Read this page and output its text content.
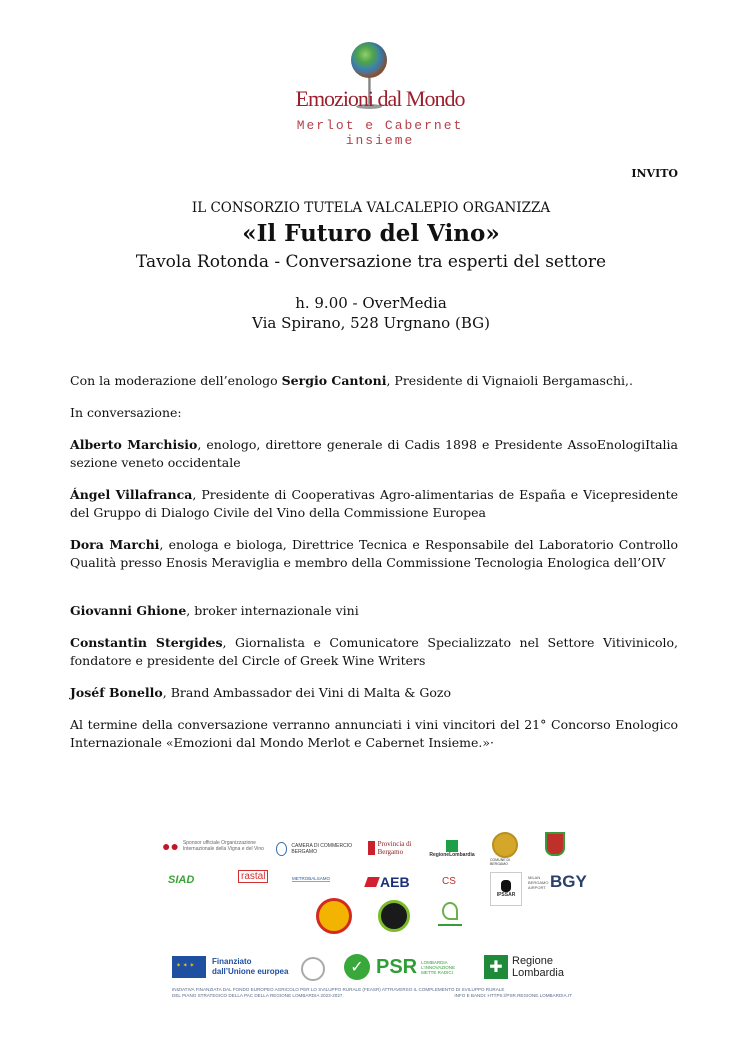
Emozioni dal Mondo
Merlot e Cabernet insieme
INVITO
IL CONSORZIO TUTELA VALCALEPIO ORGANIZZA
«Il Futuro del Vino»
Tavola Rotonda - Conversazione tra esperti del settore
h. 9.00 - OverMedia
Via Spirano, 528 Urgnano (BG)

Con la moderazione dell’enologo Sergio Cantoni, Presidente di Vignaioli Bergamaschi,.

In conversazione:

Alberto Marchisio, enologo, direttore generale di Cadis 1898 e Presidente AssoEnologiItalia sezione veneto occidentale

Ángel Villafranca, Presidente di Cooperativas Agro-alimentarias de España e Vicepresidente del Gruppo di Dialogo Civile del Vino della Commissione Europea

Dora Marchi, enologa e biologa, Direttrice Tecnica e Responsabile del Laboratorio Controllo Qualità presso Enosis Meraviglia e membro della Commissione Tecnologia Enologica dell’OIV

Giovanni Ghione, broker internazionale vini

Constantin Stergides, Giornalista e Comunicatore Specializzato nel Settore Vitivinicolo, fondatore e presidente del Circle of Greek Wine Writers

Joséf Bonello, Brand Ambassador dei Vini di Malta & Gozo

Al termine della conversazione verranno annunciati i vini vincitori del 21° Concorso Enologico Internazionale «Emozioni dal Mondo Merlot e Cabernet Insieme.»·

●● Sponsor ufficiale Organizzazione Internazionale della Vigna e del Vino	CAMERA DI COMMERCIO BERGAMO
Provincia di Bergamo	RegioneLombardia
COMUNE DI BERGAMO
SIAD	rastal	METROBALSAMO	AEB	CS
IPSSAR
MILAN BERGAMO AIRPORT BGY
✶ ✶ ✶
Finanziato dall’Unione europea	✓ PSR LOMBARDIA L’INNOVAZIONE METTE RADICI	✚ Regione Lombardia
INIZIATIVA FINANZIATA DAL FONDO EUROPEO AGRICOLO PER LO SVILUPPO RURALE (FEASR) ATTRAVERSO IL COMPLEMENTO DI SVILUPPO RURALE
DEL PIANO STRATEGICO DELLA PAC DELLA REGIONE LOMBARDIA 2023-2027.	INFO E BANDI: HTTPS://PSR.REGIONE.LOMBARDIA.IT
